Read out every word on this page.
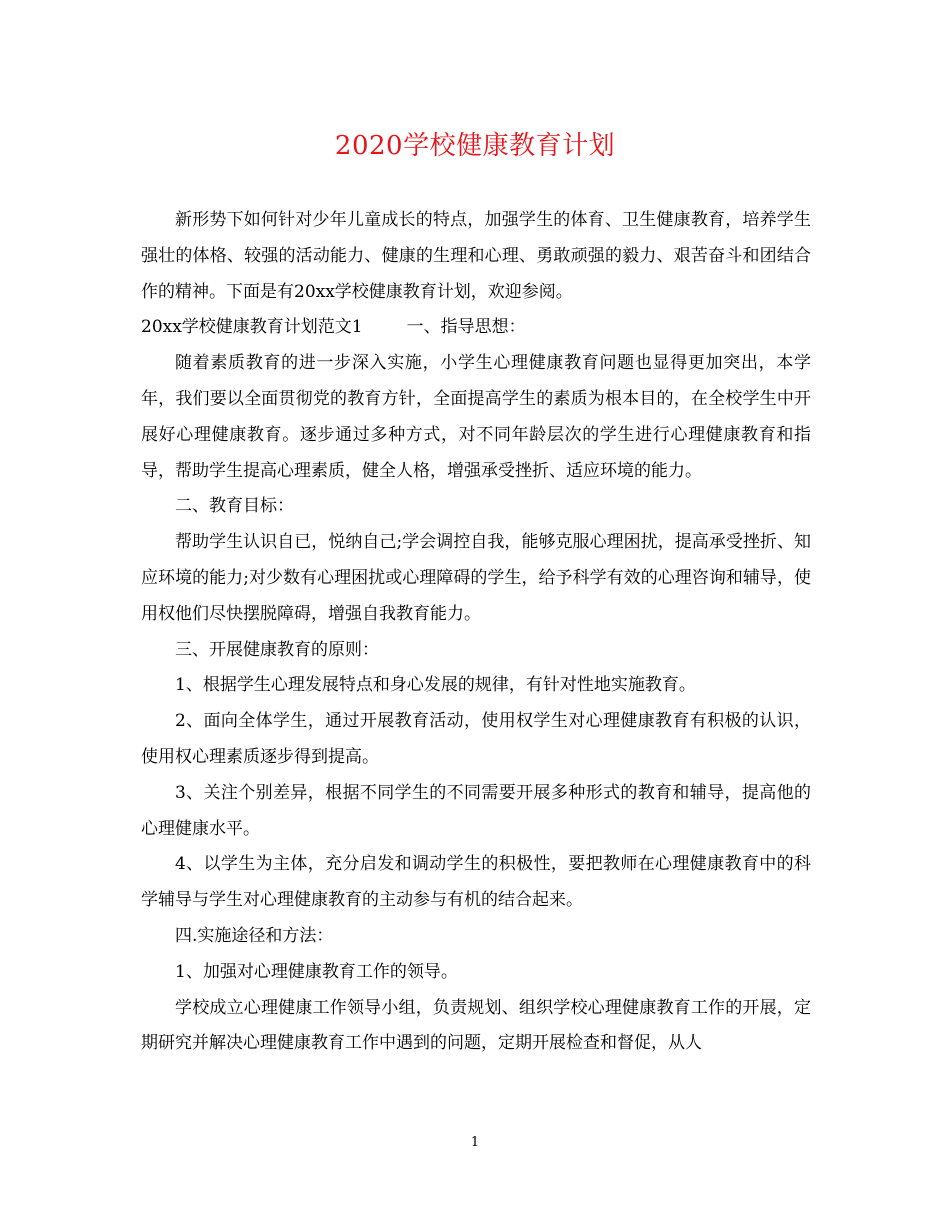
2020学校健康教育计划

新形势下如何针对少年儿童成长的特点，加强学生的体育、卫生健康教育，培养学生强壮的体格、较强的活动能力、健康的生理和心理、勇敢顽强的毅力、艰苦奋斗和团结合作的精神。下面是有20xx学校健康教育计划，欢迎参阅。

20xx学校健康教育计划范文1	一、指导思想：

随着素质教育的进一步深入实施，小学生心理健康教育问题也显得更加突出，本学年，我们要以全面贯彻党的教育方针，全面提高学生的素质为根本目的，在全校学生中开展好心理健康教育。逐步通过多种方式，对不同年龄层次的学生进行心理健康教育和指导，帮助学生提高心理素质，健全人格，增强承受挫折、适应环境的能力。

二、教育目标：

帮助学生认识自已，悦纳自己;学会调控自我，能够克服心理困扰，提高承受挫折、知应环境的能力;对少数有心理困扰或心理障碍的学生，给予科学有效的心理咨询和辅导，使用权他们尽快摆脱障碍，增强自我教育能力。

三、开展健康教育的原则：

1、根据学生心理发展特点和身心发展的规律，有针对性地实施教育。

2、面向全体学生，通过开展教育活动，使用权学生对心理健康教育有积极的认识，使用权心理素质逐步得到提高。

3、关注个别差异，根据不同学生的不同需要开展多种形式的教育和辅导，提高他的心理健康水平。

4、以学生为主体，充分启发和调动学生的积极性，要把教师在心理健康教育中的科学辅导与学生对心理健康教育的主动参与有机的结合起来。

四.实施途径和方法：

1、加强对心理健康教育工作的领导。

学校成立心理健康工作领导小组，负责规划、组织学校心理健康教育工作的开展，定期研究并解决心理健康教育工作中遇到的问题，定期开展检查和督促，从人

1
